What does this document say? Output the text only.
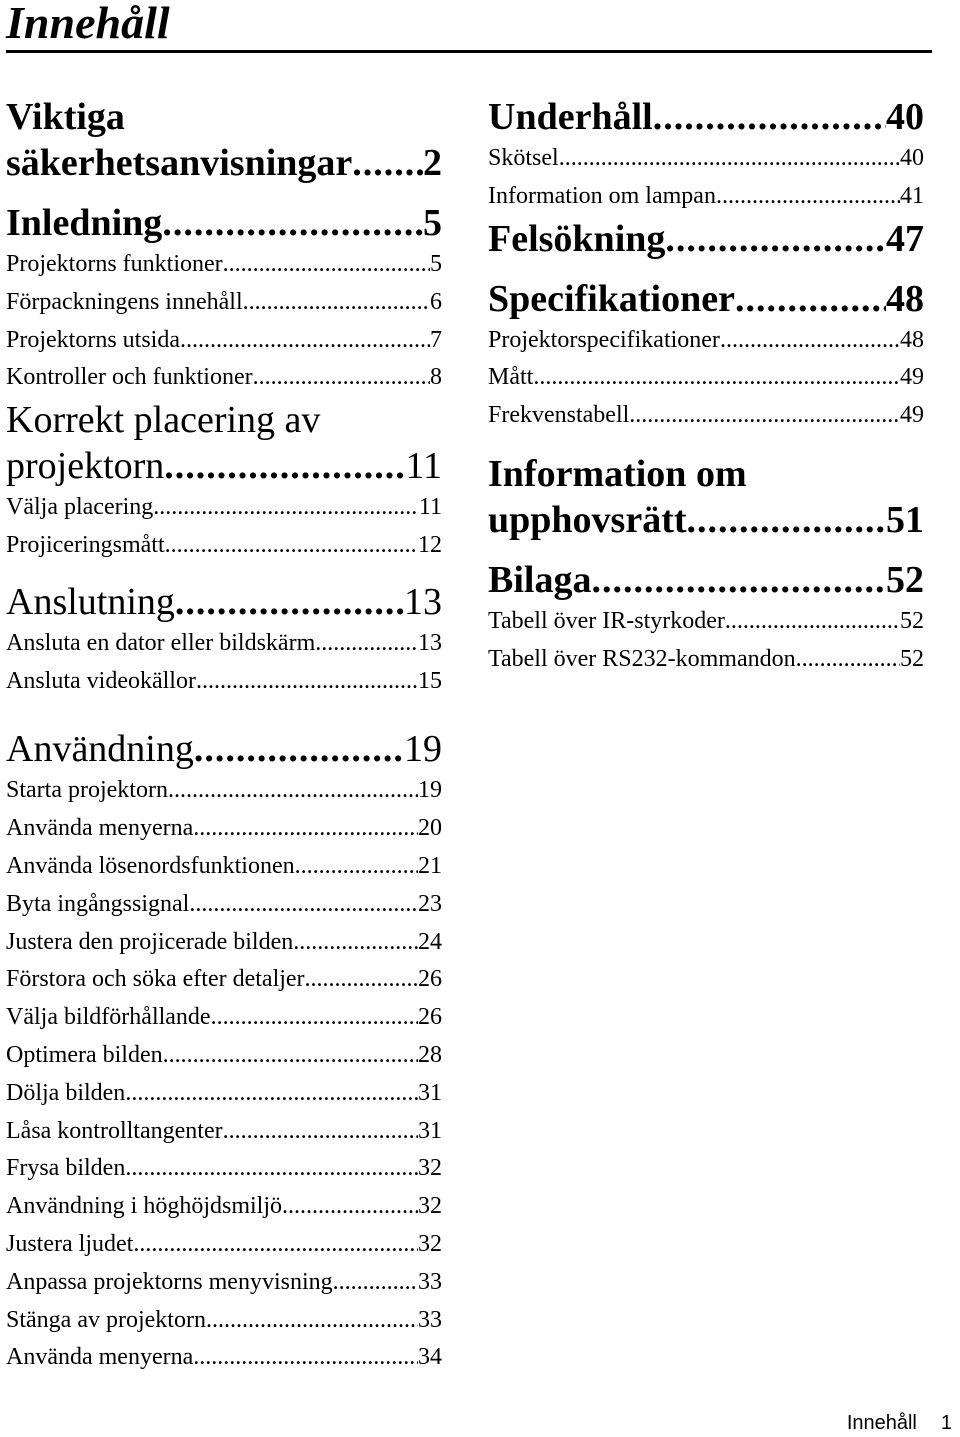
Innehåll
Viktiga
säkerhetsanvisningar ..... 2
Inledning .....	5
Projektorns funktioner .....	5
Förpackningens innehåll .....	6
Projektorns utsida .....	7
Kontroller och funktioner .....	8
Korrekt placering av
projektorn .....	11
Välja placering .....	11
Projiceringsmått .....	12
Anslutning .....	13
Ansluta en dator eller bildskärm .....	13
Ansluta videokällor .....	15
Användning .....	19
Starta projektorn .....	19
Använda menyerna .....	20
Använda lösenordsfunktionen .....	21
Byta ingångssignal .....	23
Justera den projicerade bilden .....	24
Förstora och söka efter detaljer .....	26
Välja bildförhållande .....	26
Optimera bilden .....	28
Dölja bilden .....	31
Låsa kontrolltangenter .....	31
Frysa bilden .....	32
Användning i höghöjdsmiljö .....	32
Justera ljudet .....	32
Anpassa projektorns menyvisning .....	33
Stänga av projektorn .....	33
Använda menyerna .....	34
Underhåll .....	40
Skötsel .....	40
Information om lampan .....	41
Felsökning .....	47
Specifikationer .....	48
Projektorspecifikationer .....	48
Mått .....	49
Frekvenstabell .....	49
Information om
upphovsrätt .....	51
Bilaga .....	52
Tabell över IR-styrkoder .....	52
Tabell över RS232-kommandon .....	52
Innehåll 1
